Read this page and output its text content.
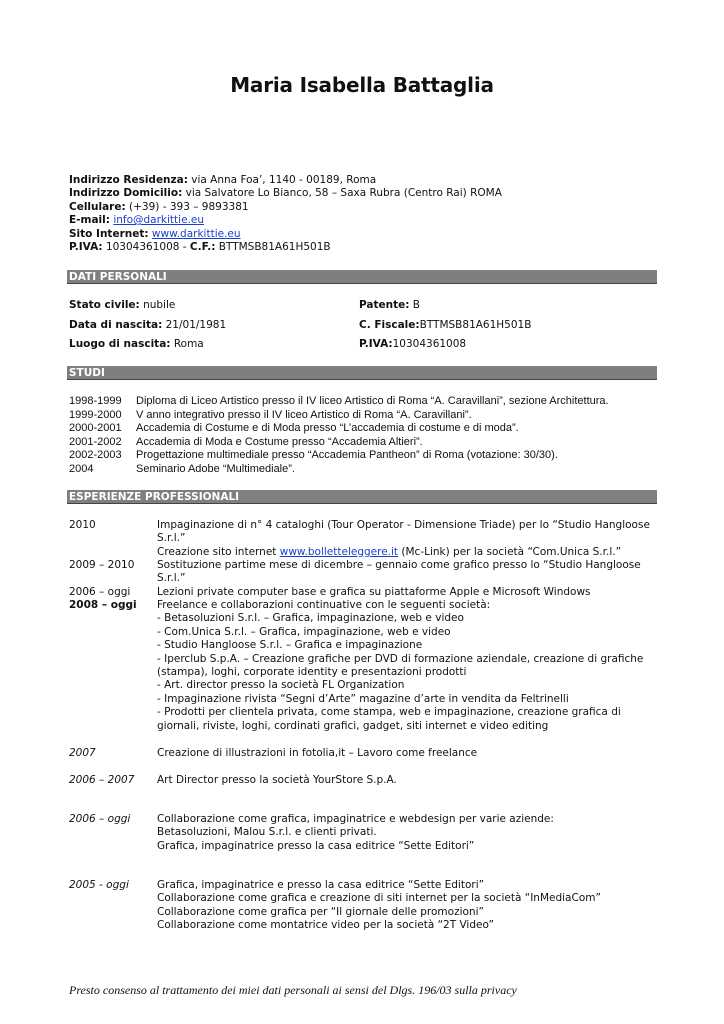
Maria Isabella Battaglia
Indirizzo Residenza: via Anna Foa’, 1140 - 00189, Roma
Indirizzo Domicilio: via Salvatore Lo Bianco, 58 – Saxa Rubra (Centro Rai) ROMA
Cellulare: (+39) - 393 – 9893381
E-mail: info@darkittie.eu
Sito Internet: www.darkittie.eu
P.IVA: 10304361008 - C.F.: BTTMSB81A61H501B
DATI PERSONALI
Stato civile: nubile	Patente: B
Data di nascita: 21/01/1981	C. Fiscale:BTTMSB81A61H501B
Luogo di nascita: Roma	P.IVA:10304361008
STUDI
1998-1999	Diploma di Liceo Artistico presso il IV liceo Artistico di Roma “A. Caravillani”, sezione Architettura.
1999-2000	V anno integrativo presso il IV liceo Artistico di Roma “A. Caravillani”.
2000-2001	Accademia di Costume e di Moda presso “L’accademia di costume e di moda”.
2001-2002	Accademia di Moda e Costume presso “Accademia Altieri”.
2002-2003	Progettazione multimediale presso “Accademia Pantheon” di Roma (votazione: 30/30).
2004	Seminario Adobe “Multimediale”.
ESPERIENZE PROFESSIONALI
2010	Impaginazione di n° 4 cataloghi (Tour Operator - Dimensione Triade) per lo “Studio Hangloose S.r.l.”
Creazione sito internet www.bolletteleggere.it (Mc-Link) per la società “Com.Unica S.r.l.”
2009 – 2010	Sostituzione partime mese di dicembre – gennaio come grafico presso lo “Studio Hangloose S.r.l.”
2006 – oggi	Lezioni private computer base e grafica su piattaforme Apple e Microsoft Windows
2008 – oggi	Freelance e collaborazioni continuative con le seguenti società:
- Betasoluzioni S.r.l. – Grafica, impaginazione, web e video
- Com.Unica S.r.l. – Grafica, impaginazione, web e video
- Studio Hangloose S.r.l. – Grafica e impaginazione
- Iperclub S.p.A. – Creazione grafiche per DVD di formazione aziendale, creazione di grafiche (stampa), loghi, corporate identity e presentazioni prodotti
- Art. director presso la società FL Organization
- Impaginazione rivista “Segni d’Arte” magazine d’arte in vendita da Feltrinelli
- Prodotti per clientela privata, come stampa, web e impaginazione, creazione grafica di giornali, riviste, loghi, cordinati grafici, gadget, siti internet e video editing
2007	Creazione di illustrazioni in fotolia,it – Lavoro come freelance
2006 – 2007	Art Director presso la società YourStore S.p.A.
2006 – oggi	Collaborazione come grafica, impaginatrice e webdesign per varie aziende:
Betasoluzioni, Malou S.r.l. e clienti privati.
Grafica, impaginatrice presso la casa editrice “Sette Editori”
2005 - oggi	Grafica, impaginatrice e presso la casa editrice “Sette Editori”
Collaborazione come grafica e creazione di siti internet per la società “InMediaCom”
Collaborazione come grafica per “Il giornale delle promozioni”
Collaborazione come montatrice video per la società “2T Video”
Presto consenso al trattamento dei miei dati personali ai sensi del Dlgs. 196/03 sulla privacy
